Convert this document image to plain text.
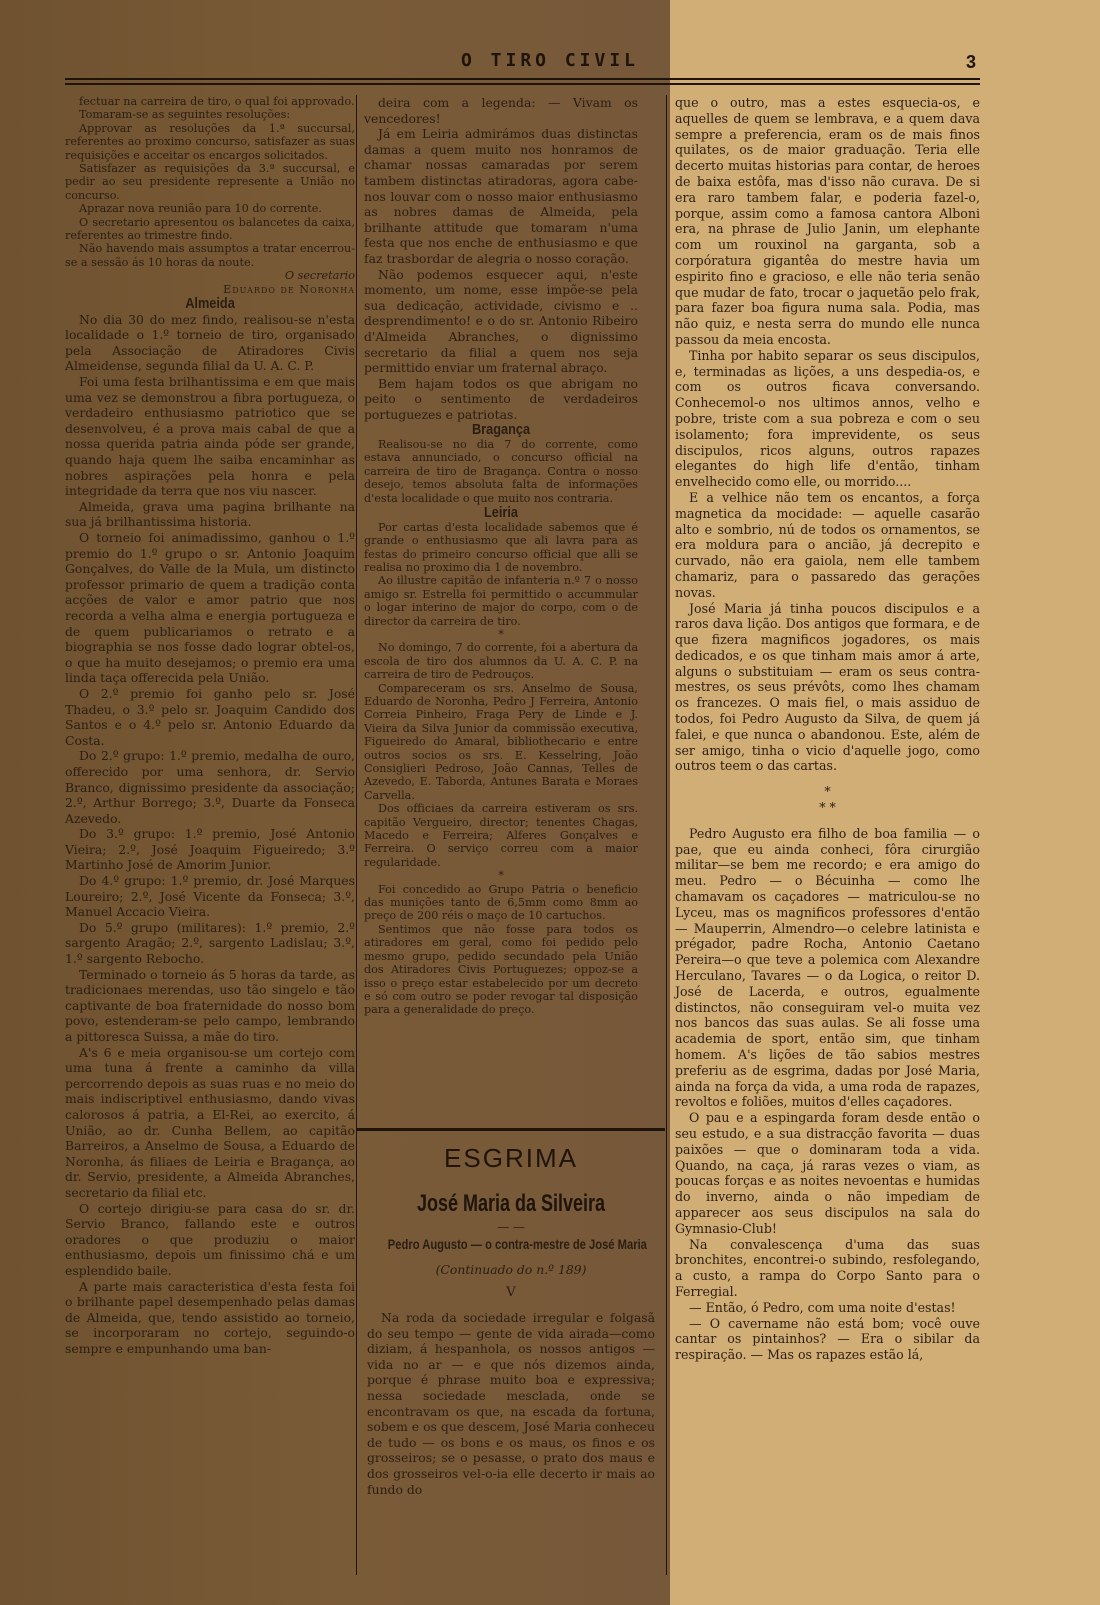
O TIRO CIVIL	3

fectuar na carreira de tiro, o qual foi approvado.

Tomaram-se as seguintes resoluções:

Approvar as resoluções da 1.ª succursal, referentes ao proximo concurso, satisfazer as suas requisições e acceitar os encargos solicitados.

Satisfazer as requisições da 3.ª succursal, e pedir ao seu presidente represente a União no concurso.

Aprazar nova reunião para 10 do corrente.

O secretario apresentou os balancetes da caixa, referentes ao trimestre findo.

Não havendo mais assumptos a tratar encerrou-se a sessão ás 10 horas da noute.

O secretario

Eduardo de Noronha

Almeida

No dia 30 do mez findo, realisou-se n'esta localidade o 1.º torneio de tiro, organisado pela Associação de Atiradores Civis Almeidense, segunda filial da U. A. C. P.

Foi uma festa brilhantissima e em que mais uma vez se demonstrou a fibra portugueza, o verdadeiro enthusiasmo patriotico que se desenvolveu, é a prova mais cabal de que a nossa querida patria ainda póde ser grande, quando haja quem lhe saiba encaminhar as nobres aspirações pela honra e pela integridade da terra que nos viu nascer.

Almeida, grava uma pagina brilhante na sua já brilhantissima historia.

O torneio foi animadissimo, ganhou o 1.º premio do 1.º grupo o sr. Antonio Joaquim Gonçalves, do Valle de la Mula, um distincto professor primario de quem a tradição conta acções de valor e amor patrio que nos recorda a velha alma e energia portugueza e de quem publicariamos o retrato e a biographia se nos fosse dado lograr obtel-os, o que ha muito desejamos; o premio era uma linda taça offerecida pela União.

O 2.º premio foi ganho pelo sr. José Thadeu, o 3.º pelo sr. Joaquim Candido dos Santos e o 4.º pelo sr. Antonio Eduardo da Costa.

Do 2.º grupo: 1.º premio, medalha de ouro, offerecido por uma senhora, dr. Servio Branco, dignissimo presidente da associação; 2.º, Arthur Borrego; 3.º, Duarte da Fonseca Azevedo.

Do 3.º grupo: 1.º premio, José Antonio Vieira; 2.º, José Joaquim Figueiredo; 3.º Martinho José de Amorim Junior.

Do 4.º grupo: 1.º premio, dr. José Marques Loureiro; 2.º, José Vicente da Fonseca; 3.º, Manuel Accacio Vieira.

Do 5.º grupo (militares): 1.º premio, 2.º sargento Aragão; 2.º, sargento Ladislau; 3.º, 1.º sargento Rebocho.

Terminado o torneio ás 5 horas da tarde, as tradicionaes merendas, uso tão singelo e tão captivante de boa fraternidade do nosso bom povo, estenderam-se pelo campo, lembrando a pittoresca Suissa, a mãe do tiro.

A's 6 e meia organisou-se um cortejo com uma tuna á frente a caminho da villa percorrendo depois as suas ruas e no meio do mais indiscriptivel enthusiasmo, dando vivas calorosos á patria, a El-Rei, ao exercito, á União, ao dr. Cunha Bellem, ao capitão Barreiros, a Anselmo de Sousa, a Eduardo de Noronha, ás filiaes de Leiria e Bragança, ao dr. Servio, presidente, a Almeida Abranches, secretario da filial etc.

O cortejo dirigiu-se para casa do sr. dr. Servio Branco, fallando este e outros oradores o que produziu o maior enthusiasmo, depois um finissimo chá e um esplendido baile.

A parte mais caracteristica d'esta festa foi o brilhante papel desempenhado pelas damas de Almeida, que, tendo assistido ao torneio, se incorporaram no cortejo, seguindo-o sempre e empunhando uma ban-

deira com a legenda: — Vivam os vencedores!

Já em Leiria admirámos duas distinctas damas a quem muito nos honramos de chamar nossas camaradas por serem tambem distinctas atiradoras, agora cabe-nos louvar com o nosso maior enthusiasmo as nobres damas de Almeida, pela brilhante attitude que tomaram n'uma festa que nos enche de enthusiasmo e que faz trasbordar de alegria o nosso coração.

Não podemos esquecer aqui, n'este momento, um nome, esse impõe-se pela sua dedicação, actividade, civismo e .. desprendimento! e o do sr. Antonio Ribeiro d'Almeida Abranches, o dignissimo secretario da filial a quem nos seja permittido enviar um fraternal abraço.

Bem hajam todos os que abrigam no peito o sentimento de verdadeiros portuguezes e patriotas.

Bragança

Realisou-se no dia 7 do corrente, como estava annunciado, o concurso official na carreira de tiro de Bragança. Contra o nosso desejo, temos absoluta falta de informações d'esta localidade o que muito nos contraria.

Leiria

Por cartas d'esta localidade sabemos que é grande o enthusiasmo que ali lavra para as festas do primeiro concurso official que alli se realisa no proximo dia 1 de novembro.

Ao illustre capitão de infanteria n.º 7 o nosso amigo sr. Estrella foi permittido o accummular o logar interino de major do corpo, com o de director da carreira de tiro.

*

No domingo, 7 do corrente, foi a abertura da escola de tiro dos alumnos da U. A. C. P. na carreira de tiro de Pedrouços.

Compareceram os srs. Anselmo de Sousa, Eduardo de Noronha, Pedro J Ferreira, Antonio Correia Pinheiro, Fraga Pery de Linde e J. Vieira da Silva Junior da commissão executiva, Figueiredo do Amaral, bibliothecario e entre outros socios os srs. E. Kesselring, João Consiglieri Pedroso, João Cannas, Telles de Azevedo, E. Taborda, Antunes Barata e Moraes Carvella.

Dos officiaes da carreira estiveram os srs. capitão Vergueiro, director; tenentes Chagas, Macedo e Ferreira; Alferes Gonçalves e Ferreira. O serviço correu com a maior regularidade.

*

Foi concedido ao Grupo Patria o beneficio das munições tanto de 6,5mm como 8mm ao preço de 200 réis o maço de 10 cartuchos.

Sentimos que não fosse para todos os atiradores em geral, como foi pedido pelo mesmo grupo, pedido secundado pela União dos Atiradores Civis Portuguezes; oppoz-se a isso o preço estar estabelecido por um decreto e só com outro se poder revogar tal disposição para a generalidade do preço.

ESGRIMA
José Maria da Silveira
— —
Pedro Augusto — o contra-mestre de José Maria
(Continuado do n.º 189)
V

Na roda da sociedade irregular e folgasã do seu tempo — gente de vida airada—como diziam, á hespanhola, os nossos antigos — vida no ar — e que nós dizemos ainda, porque é phrase muito boa e expressiva; nessa sociedade mesclada, onde se encontravam os que, na escada da fortuna, sobem e os que descem, José Maria conheceu de tudo — os bons e os maus, os finos e os grosseiros; se o pesasse, o prato dos maus e dos grosseiros vel-o-ia elle decerto ir mais ao fundo do

que o outro, mas a estes esquecia-os, e aquelles de quem se lembrava, e a quem dava sempre a preferencia, eram os de mais finos quilates, os de maior graduação. Teria elle decerto muitas historias para contar, de heroes de baixa estôfa, mas d'isso não curava. De si era raro tambem falar, e poderia fazel-o, porque, assim como a famosa cantora Alboni era, na phrase de Julio Janin, um elephante com um rouxinol na garganta, sob a corpóratura gigantêa do mestre havia um espirito fino e gracioso, e elle não teria senão que mudar de fato, trocar o jaquetão pelo frak, para fazer boa figura numa sala. Podia, mas não quiz, e nesta serra do mundo elle nunca passou da meia encosta.

Tinha por habito separar os seus discipulos, e, terminadas as lições, a uns despedia-os, e com os outros ficava conversando. Conhecemol-o nos ultimos annos, velho e pobre, triste com a sua pobreza e com o seu isolamento; fora imprevidente, os seus discipulos, ricos alguns, outros rapazes elegantes do high life d'então, tinham envelhecido como elle, ou morrido....

E a velhice não tem os encantos, a força magnetica da mocidade: — aquelle casarão alto e sombrio, nú de todos os ornamentos, se era moldura para o ancião, já decrepito e curvado, não era gaiola, nem elle tambem chamariz, para o passaredo das gerações novas.

José Maria já tinha poucos discipulos e a raros dava lição. Dos antigos que formara, e de que fizera magnificos jogadores, os mais dedicados, e os que tinham mais amor á arte, alguns o substituiam — eram os seus contra-mestres, os seus prévôts, como lhes chamam os francezes. O mais fiel, o mais assiduo de todos, foi Pedro Augusto da Silva, de quem já falei, e que nunca o abandonou. Este, além de ser amigo, tinha o vicio d'aquelle jogo, como outros teem o das cartas.

*
* *

Pedro Augusto era filho de boa familia — o pae, que eu ainda conheci, fôra cirurgião militar—se bem me recordo; e era amigo do meu. Pedro — o Bécuinha — como lhe chamavam os caçadores — matriculou-se no Lyceu, mas os magnificos professores d'então — Mauperrin, Almendro—o celebre latinista e prégador, padre Rocha, Antonio Caetano Pereira—o que teve a polemica com Alexandre Herculano, Tavares — o da Logica, o reitor D. José de Lacerda, e outros, egualmente distinctos, não conseguiram vel-o muita vez nos bancos das suas aulas. Se ali fosse uma academia de sport, então sim, que tinham homem. A's lições de tão sabios mestres preferiu as de esgrima, dadas por José Maria, ainda na força da vida, a uma roda de rapazes, revoltos e foliões, muitos d'elles caçadores.

O pau e a espingarda foram desde então o seu estudo, e a sua distracção favorita — duas paixões — que o dominaram toda a vida. Quando, na caça, já raras vezes o viam, as poucas forças e as noites nevoentas e humidas do inverno, ainda o não impediam de apparecer aos seus discipulos na sala do Gymnasio-Club!

Na convalescença d'uma das suas bronchites, encontrei-o subindo, resfolegando, a custo, a rampa do Corpo Santo para o Ferregial.

— Então, ó Pedro, com uma noite d'estas!

— O cavername não está bom; você ouve cantar os pintainhos? — Era o sibilar da respiração. — Mas os rapazes estão lá,
